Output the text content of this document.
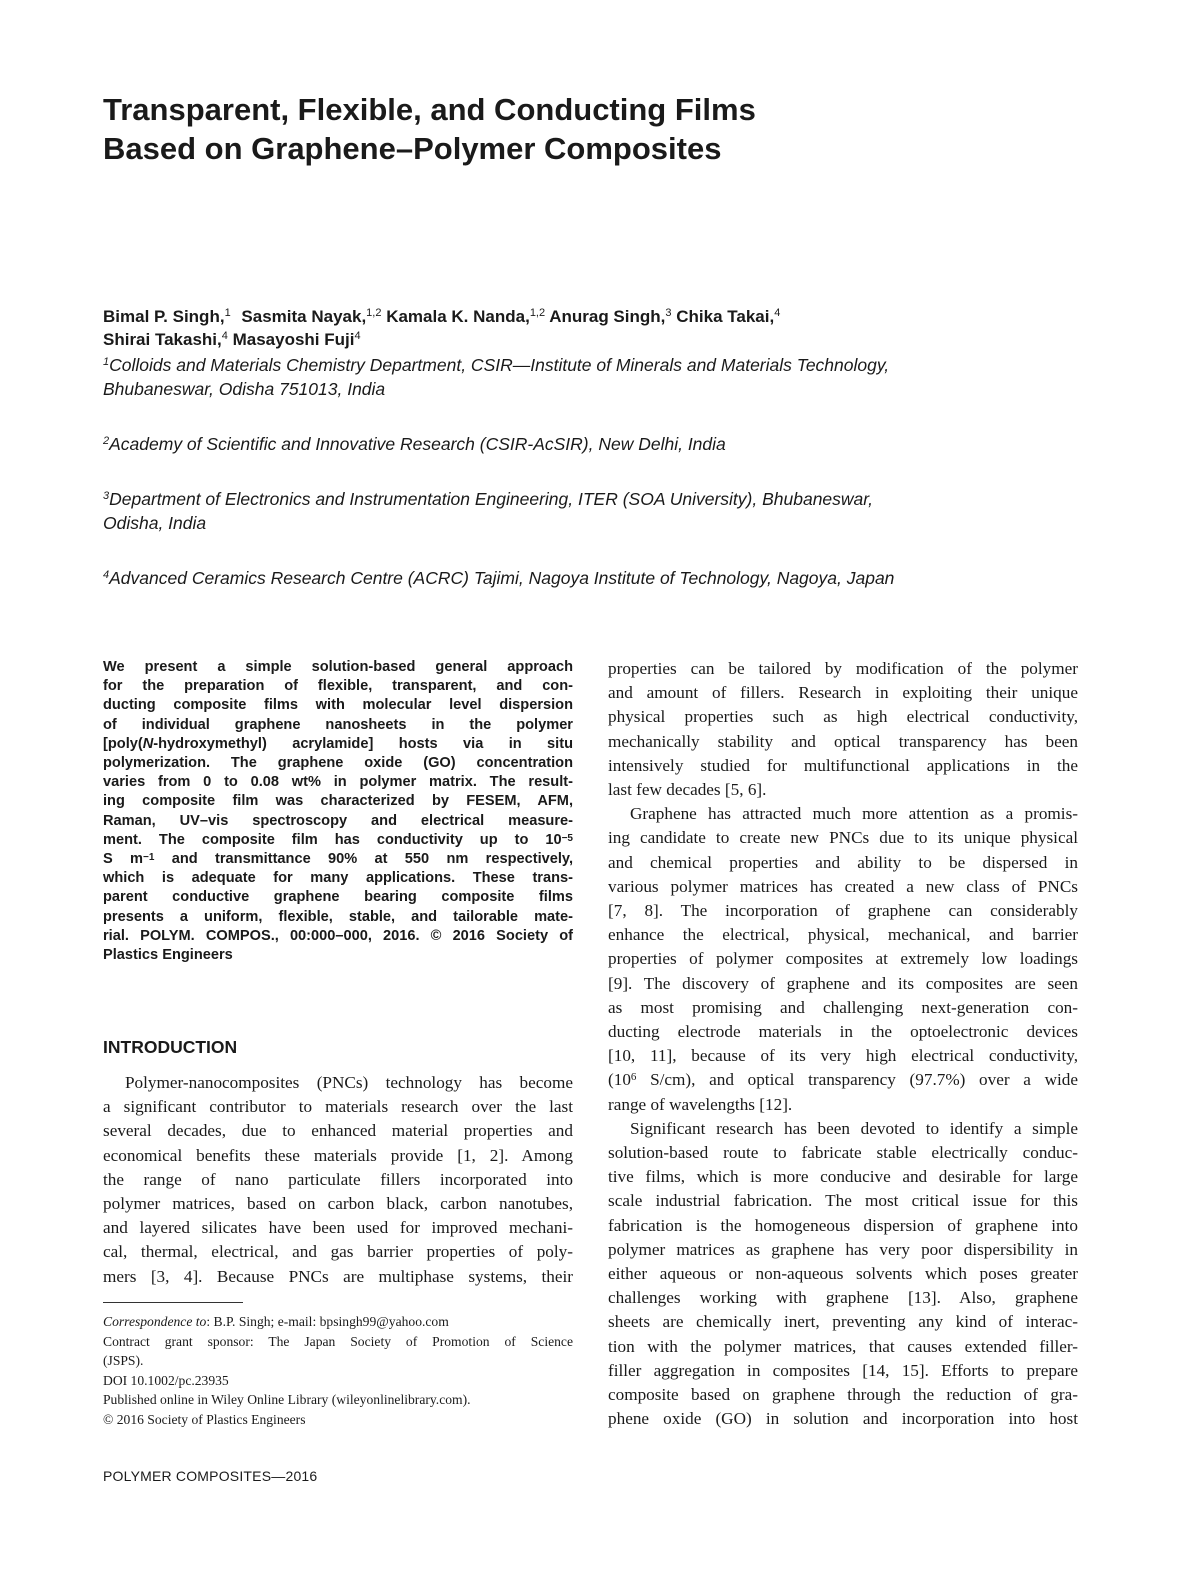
Transparent, Flexible, and Conducting Films
Based on Graphene–Polymer Composites
Bimal P. Singh,$^1$ Sasmita Nayak,$^{1,2}$ Kamala K. Nanda,$^{1,2}$ Anurag Singh,$^3$ Chika Takai,$^4$
Shirai Takashi,$^4$ Masayoshi Fuji$^4$
$^1$Colloids and Materials Chemistry Department, CSIR—Institute of Minerals and Materials Technology,
Bhubaneswar, Odisha 751013, India
$^2$Academy of Scientific and Innovative Research (CSIR-AcSIR), New Delhi, India
$^3$Department of Electronics and Instrumentation Engineering, ITER (SOA University), Bhubaneswar,
Odisha, India
$^4$Advanced Ceramics Research Centre (ACRC) Tajimi, Nagoya Institute of Technology, Nagoya, Japan
We present a simple solution-based general approach
for the preparation of flexible, transparent, and con-
ducting composite films with molecular level dispersion
of individual graphene nanosheets in the polymer
[poly(N-hydroxymethyl) acrylamide] hosts via in situ
polymerization. The graphene oxide (GO) concentration
varies from 0 to 0.08 wt% in polymer matrix. The result-
ing composite film was characterized by FESEM, AFM,
Raman, UV–vis spectroscopy and electrical measure-
ment. The composite film has conductivity up to $10^{-5}$
S $m^{-1}$ and transmittance 90% at 550 nm respectively,
which is adequate for many applications. These trans-
parent conductive graphene bearing composite films
presents a uniform, flexible, stable, and tailorable mate-
rial. POLYM. COMPOS., 00:000–000, 2016. © 2016 Society of
Plastics Engineers
INTRODUCTION
Polymer-nanocomposites (PNCs) technology has become
a significant contributor to materials research over the last
several decades, due to enhanced material properties and
economical benefits these materials provide [1, 2]. Among
the range of nano particulate fillers incorporated into
polymer matrices, based on carbon black, carbon nanotubes,
and layered silicates have been used for improved mechani-
cal, thermal, electrical, and gas barrier properties of poly-
mers [3, 4]. Because PNCs are multiphase systems, their
properties can be tailored by modification of the polymer
and amount of fillers. Research in exploiting their unique
physical properties such as high electrical conductivity,
mechanically stability and optical transparency has been
intensively studied for multifunctional applications in the
last few decades [5, 6].
Graphene has attracted much more attention as a promis-
ing candidate to create new PNCs due to its unique physical
and chemical properties and ability to be dispersed in
various polymer matrices has created a new class of PNCs
[7, 8]. The incorporation of graphene can considerably
enhance the electrical, physical, mechanical, and barrier
properties of polymer composites at extremely low loadings
[9]. The discovery of graphene and its composites are seen
as most promising and challenging next-generation con-
ducting electrode materials in the optoelectronic devices
[10, 11], because of its very high electrical conductivity,
($10^6$ S/cm), and optical transparency (97.7%) over a wide
range of wavelengths [12].
Significant research has been devoted to identify a simple
solution-based route to fabricate stable electrically conduc-
tive films, which is more conducive and desirable for large
scale industrial fabrication. The most critical issue for this
fabrication is the homogeneous dispersion of graphene into
polymer matrices as graphene has very poor dispersibility in
either aqueous or non-aqueous solvents which poses greater
challenges working with graphene [13]. Also, graphene
sheets are chemically inert, preventing any kind of interac-
tion with the polymer matrices, that causes extended filler-
filler aggregation in composites [14, 15]. Efforts to prepare
composite based on graphene through the reduction of gra-
phene oxide (GO) in solution and incorporation into host
Correspondence to: B.P. Singh; e-mail: bpsingh99@yahoo.com
Contract grant sponsor: The Japan Society of Promotion of Science
(JSPS).
DOI 10.1002/pc.23935
Published online in Wiley Online Library (wileyonlinelibrary.com).
© 2016 Society of Plastics Engineers
POLYMER COMPOSITES—2016
